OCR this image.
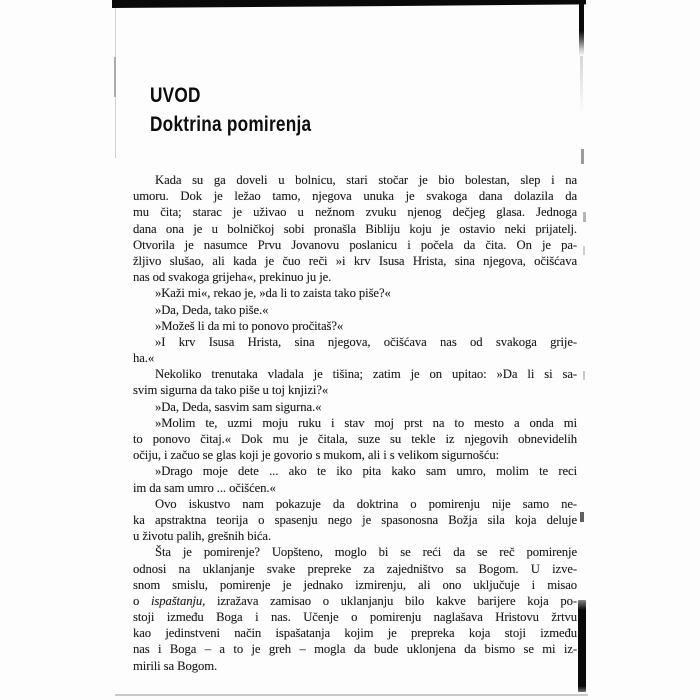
UVOD
Doktrina pomirenja
Kada su ga doveli u bolnicu, stari stočar je bio bolestan, slep i na
umoru. Dok je ležao tamo, njegova unuka je svakoga dana dolazila da
mu čita; starac je uživao u nežnom zvuku njenog dečjeg glasa. Jednoga
dana ona je u bolničkoj sobi pronašla Bibliju koju je ostavio neki prijatelj.
Otvorila je nasumce Prvu Jovanovu poslanicu i počela da čita. On je pa-
žljivo slušao, ali kada je čuo reči »i krv Isusa Hrista, sina njegova, očišćava
nas od svakoga grijeha«, prekinuo ju je.
»Kaži mi«, rekao je, »da li to zaista tako piše?«
»Da, Deda, tako piše.«
»Možeš li da mi to ponovo pročitaš?«
»I krv Isusa Hrista, sina njegova, očišćava nas od svakoga grije-
ha.«
Nekoliko trenutaka vladala je tišina; zatim je on upitao: »Da li si sa-
svim sigurna da tako piše u toj knjizi?«
»Da, Deda, sasvim sam sigurna.«
»Molim te, uzmi moju ruku i stav moj prst na to mesto a onda mi
to ponovo čitaj.« Dok mu je čitala, suze su tekle iz njegovih obnevidelih
očiju, i začuo se glas koji je govorio s mukom, ali i s velikom sigurnošću:
»Drago moje dete ... ako te iko pita kako sam umro, molim te reci
im da sam umro ... očišćen.«
Ovo iskustvo nam pokazuje da doktrina o pomirenju nije samo ne-
ka apstraktna teorija o spasenju nego je spasonosna Božja sila koja deluje
u životu palih, grešnih bića.
Šta je pomirenje? Uopšteno, moglo bi se reći da se reč pomirenje
odnosi na uklanjanje svake prepreke za zajedništvo sa Bogom. U izve-
snom smislu, pomirenje je jednako izmirenju, ali ono uključuje i misao
o ispaštanju, izražava zamisao o uklanjanju bilo kakve barijere koja po-
stoji između Boga i nas. Učenje o pomirenju naglašava Hristovu žrtvu
kao jedinstveni način ispašatanja kojim je prepreka koja stoji između
nas i Boga – a to je greh – mogla da bude uklonjena da bismo se mi iz-
mirili sa Bogom.
